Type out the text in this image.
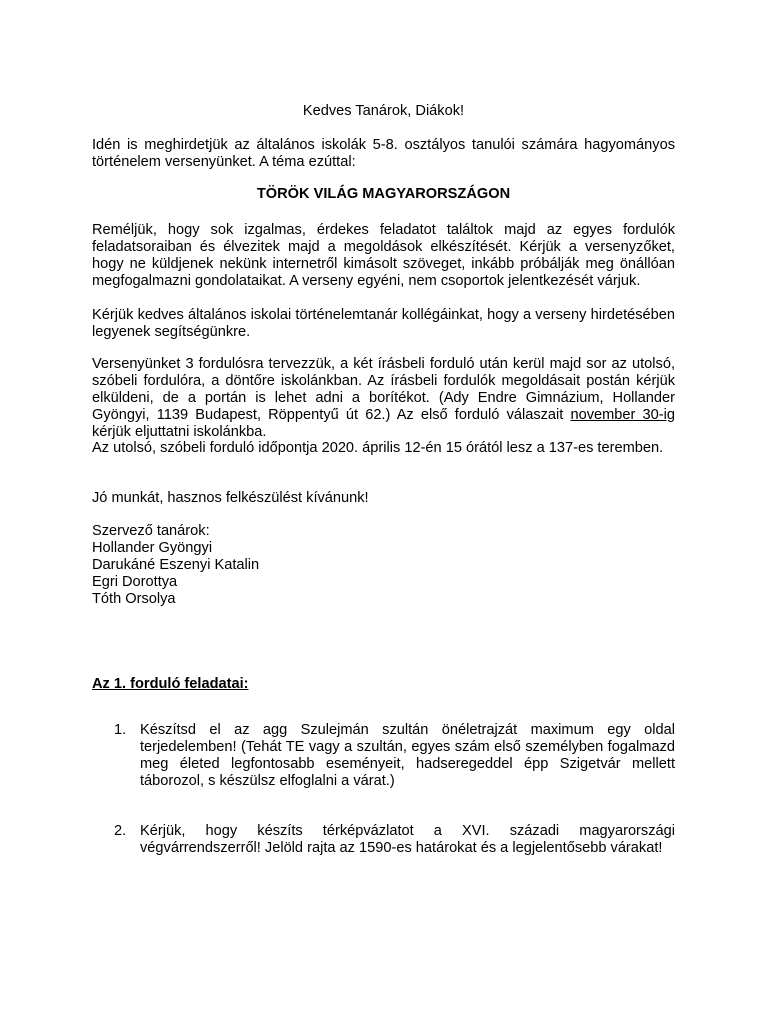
Kedves Tanárok, Diákok!

Idén is meghirdetjük az általános iskolák 5-8. osztályos tanulói számára hagyományos történelem versenyünket. A téma ezúttal:

TÖRÖK VILÁG MAGYARORSZÁGON

Reméljük, hogy sok izgalmas, érdekes feladatot találtok majd az egyes fordulók feladatsoraiban és élvezitek majd a megoldások elkészítését. Kérjük a versenyzőket, hogy ne küldjenek nekünk internetről kimásolt szöveget, inkább próbálják meg önállóan megfogalmazni gondolataikat. A verseny egyéni, nem csoportok jelentkezését várjuk.

Kérjük kedves általános iskolai történelemtanár kollégáinkat, hogy a verseny hirdetésében legyenek segítségünkre.

Versenyünket 3 fordulósra tervezzük, a két írásbeli forduló után kerül majd sor az utolsó, szóbeli fordulóra, a döntőre iskolánkban. Az írásbeli fordulók megoldásait postán kérjük elküldeni, de a portán is lehet adni a borítékot. (Ady Endre Gimnázium, Hollander Gyöngyi, 1139 Budapest, Röppentyű út 62.) Az első forduló válaszait november 30-ig kérjük eljuttatni iskolánkba.

Az utolsó, szóbeli forduló időpontja 2020. április 12-én 15 órától lesz a 137-es teremben.

Jó munkát, hasznos felkészülést kívánunk!

Szervező tanárok:
Hollander Gyöngyi
Darukáné Eszenyi Katalin
Egri Dorottya
Tóth Orsolya

Az 1. forduló feladatai:

1. Készítsd el az agg Szulejmán szultán önéletrajzát maximum egy oldal terjedelemben! (Tehát TE vagy a szultán, egyes szám első személyben fogalmazd meg életed legfontosabb eseményeit, hadseregeddel épp Szigetvár mellett táborozol, s készülsz elfoglalni a várat.)
2. Kérjük, hogy készíts térképvázlatot a XVI. századi magyarországi végvárrendszerről! Jelöld rajta az 1590-es határokat és a legjelentősebb várakat!
